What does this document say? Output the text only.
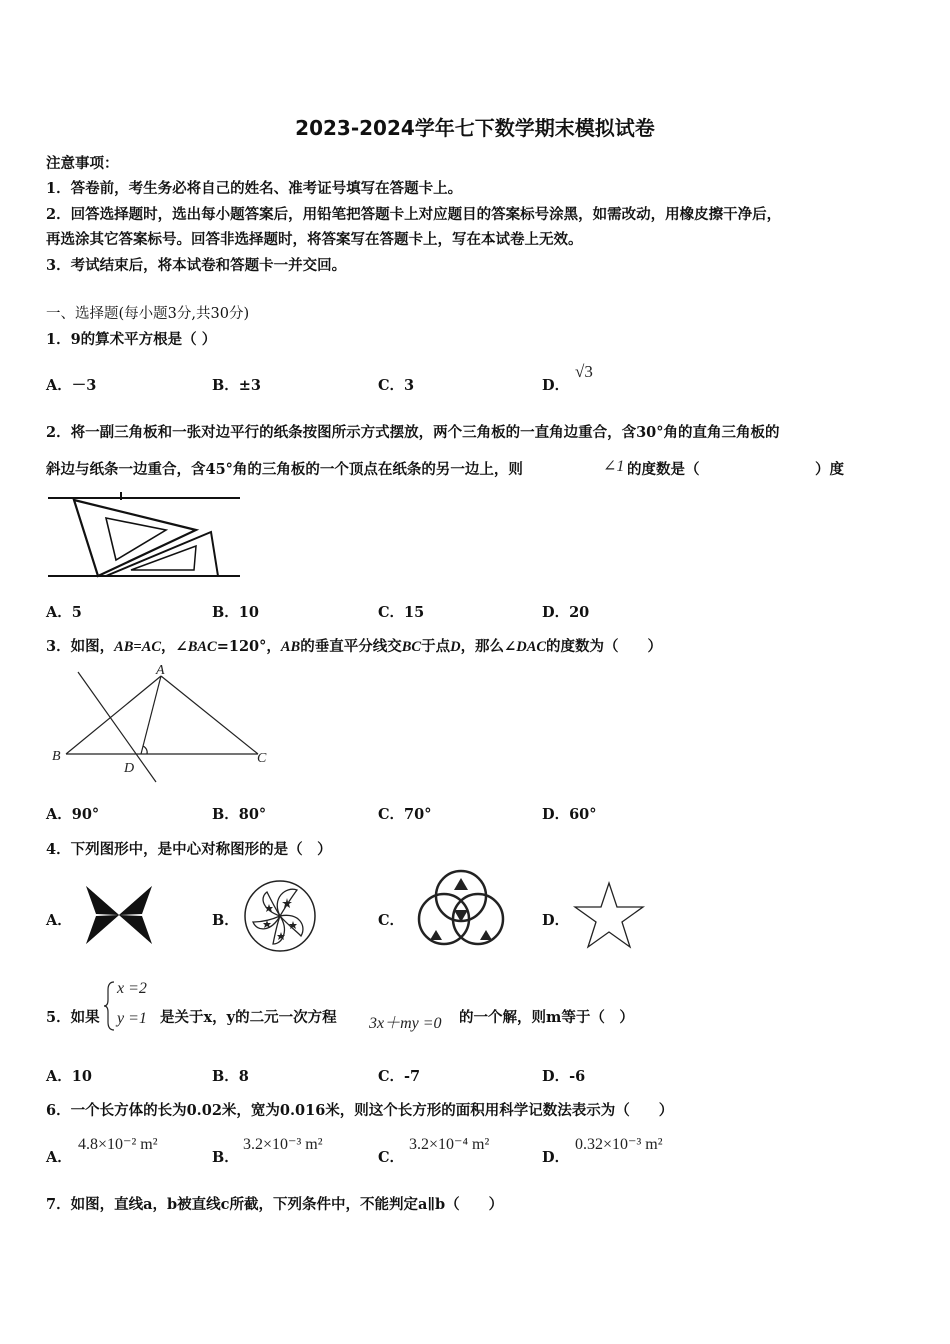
2023-2024学年七下数学期末模拟试卷
注意事项：
1．答卷前，考生务必将自己的姓名、准考证号填写在答题卡上。
2．回答选择题时，选出每小题答案后，用铅笔把答题卡上对应题目的答案标号涂黑，如需改动，用橡皮擦干净后，
再选涂其它答案标号。回答非选择题时，将答案写在答题卡上，写在本试卷上无效。
3．考试结束后，将本试卷和答题卡一并交回。
一、选择题(每小题3分,共30分)
1．9的算术平方根是（ ）
A．－3	B．±3	C．3	D．
√3
2．将一副三角板和一张对边平行的纸条按图所示方式摆放，两个三角板的一直角边重合，含30°角的直角三角板的
斜边与纸条一边重合，含45°角的三角板的一个顶点在纸条的另一边上，则	∠1 的度数是（	）度
A．5	B．10	C．15	D．20
3．如图，AB=AC，∠BAC=120°，AB的垂直平分线交BC于点D，那么∠DAC的度数为（　　）
A
B	C
D
A．90°	B．80°	C．70°	D．60°
4．下列图形中，是中心对称图形的是（　）
A．	B．	C．	D．
5．如果
x =2
y =1 是关于x，y的二元一次方程 3x＋my =0 的一个解，则m等于（　）
A．10	B．8	C．-7	D．-6
6．一个长方体的长为0.02米，宽为0.016米，则这个长方形的面积用科学记数法表示为（　　）
A．
4.8×10⁻² m²
B．
3.2×10⁻³ m²
C．
3.2×10⁻⁴ m²
D．
0.32×10⁻³ m²
7．如图，直线a，b被直线c所截，下列条件中，不能判定a∥b（　　）
